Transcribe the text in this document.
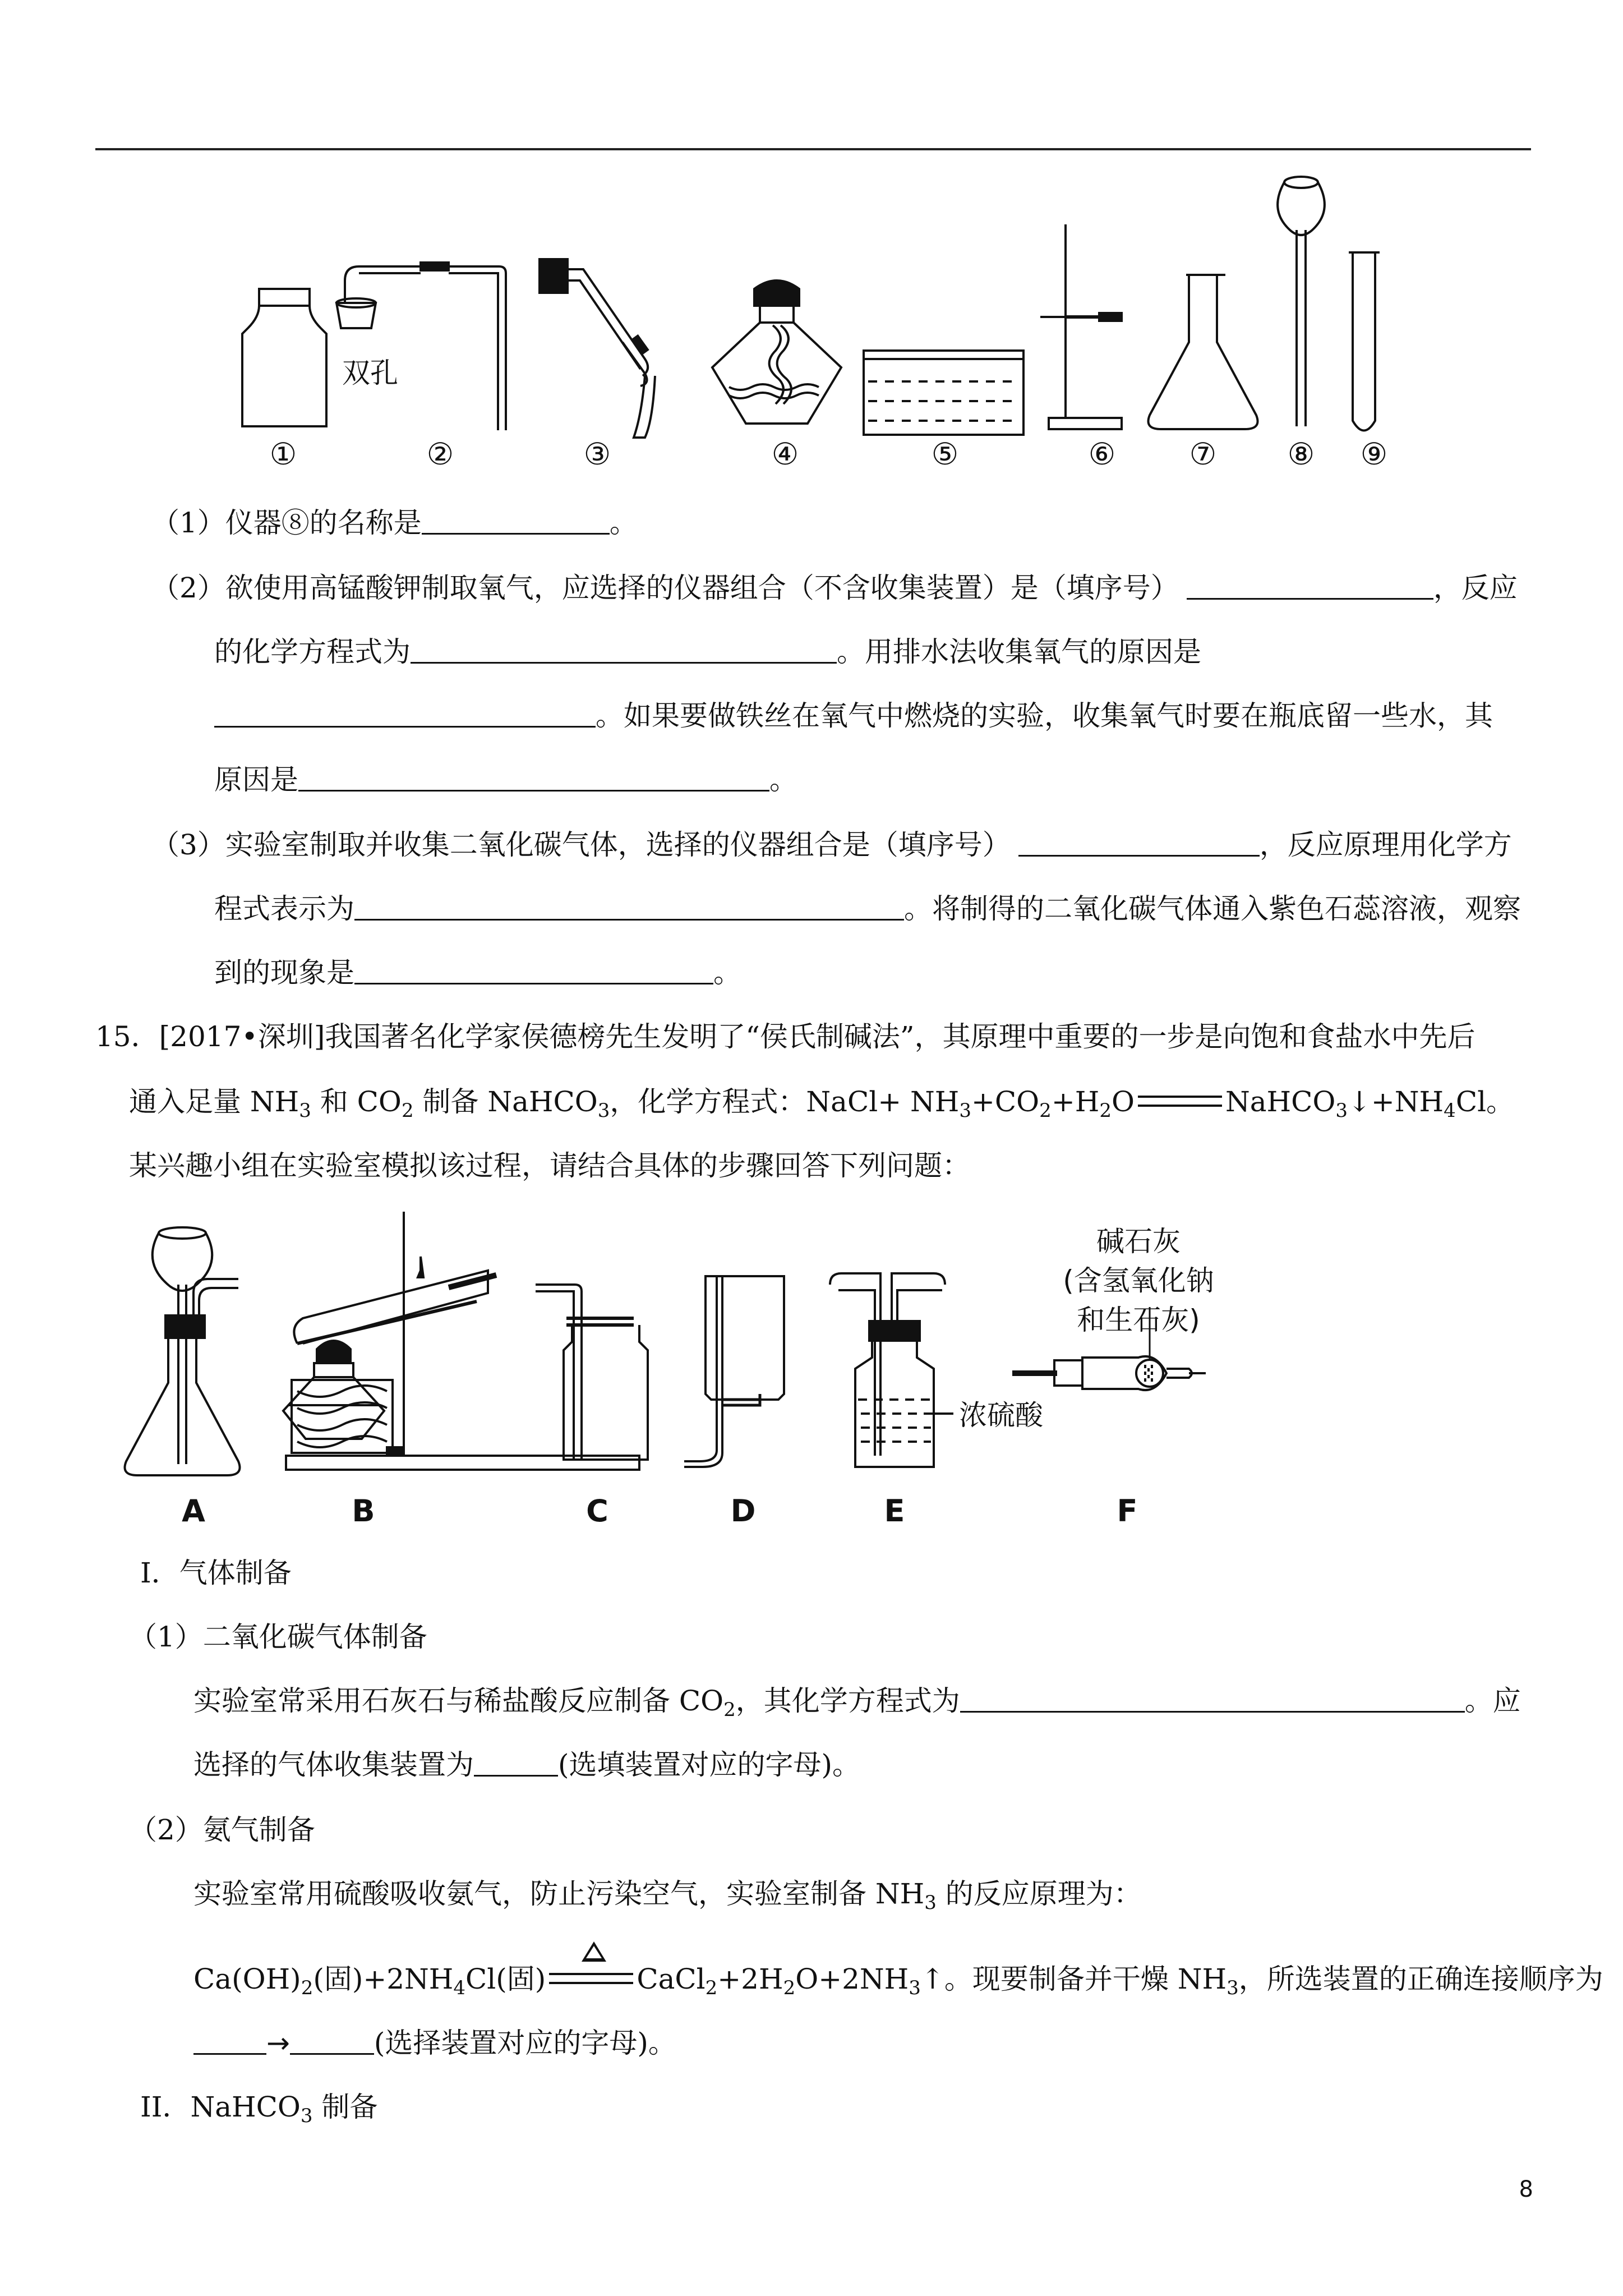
①	②	③	④	⑤	⑥ ⑦ ⑧ ⑨
双孔
（1）仪器⑧的名称是	。
（2）欲使用高锰酸钾制取氧气，应选择的仪器组合（不含收集装置）是（填序号）	，反应
的化学方程式为	。用排水法收集氧气的原因是
。如果要做铁丝在氧气中燃烧的实验，收集氧气时要在瓶底留一些水，其
原因是	。
（3）实验室制取并收集二氧化碳气体，选择的仪器组合是（填序号）	，反应原理用化学方
程式表示为	。将制得的二氧化碳气体通入紫色石蕊溶液，观察
到的现象是	。
15．[2017•深圳]我国著名化学家侯德榜先生发明了“侯氏制碱法”，其原理中重要的一步是向饱和食盐水中先后
通入足量 $NH_3$ 和 $CO_2$ 制备 NaHCO$_3$，化学方程式：NaCl+ $NH_3+CO_2+H_2O$	$NaHCO_3↓+NH_4Cl$。
某兴趣小组在实验室模拟该过程，请结合具体的步骤回答下列问题：
A	B	C	D	E	F
碱石灰
(含氢氧化钠
和生石灰)
浓硫酸
I．气体制备
（1）二氧化碳气体制备
实验室常采用石灰石与稀盐酸反应制备 $CO_2$，其化学方程式为	。应
选择的气体收集装置为	(选填装置对应的字母)。
（2）氨气制备
实验室常用硫酸吸收氨气，防止污染空气，实验室制备 $NH_3$ 的反应原理为：
$Ca(OH)_2$(固)$+2NH_4Cl$(固)	$CaCl_2+2H_2O+2NH_3↑$。现要制备并干燥 $NH_3$，所选装置的正确连接顺序为
→	(选择装置对应的字母)。
II．NaHCO$_3$ 制备
8
